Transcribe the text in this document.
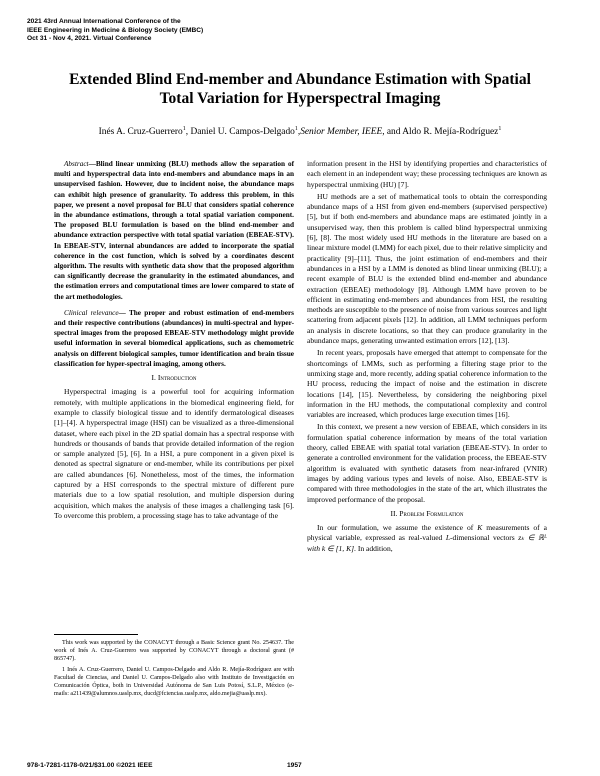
2021 43rd Annual International Conference of the
IEEE Engineering in Medicine & Biology Society (EMBC)
Oct 31 - Nov 4, 2021. Virtual Conference
Extended Blind End-member and Abundance Estimation with Spatial
Total Variation for Hyperspectral Imaging
Inés A. Cruz-Guerrero$^1$, Daniel U. Campos-Delgado$^1$,Senior Member, IEEE, and Aldo R. Mejía-Rodríguez$^1$

Abstract—Blind linear unmixing (BLU) methods allow the separation of multi and hyperspectral data into end-members and abundance maps in an unsupervised fashion. However, due to incident noise, the abundance maps can exhibit high presence of granularity. To address this problem, in this paper, we present a novel proposal for BLU that considers spatial coherence in the abundance estimations, through a total spatial variation component. The proposed BLU formulation is based on the blind end-member and abundance extraction perspective with total spatial variation (EBEAE-STV). In EBEAE-STV, internal abundances are added to incorporate the spatial coherence in the cost function, which is solved by a coordinates descent algorithm. The results with synthetic data show that the proposed algorithm can significantly decrease the granularity in the estimated abundances, and the estimation errors and computational times are lower compared to state of the art methodologies.

Clinical relevance— The proper and robust estimation of end-members and their respective contributions (abundances) in multi-spectral and hyper-spectral images from the proposed EBEAE-STV methodology might provide useful information in several biomedical applications, such as chemometric analysis on different biological samples, tumor identification and brain tissue classification for hyper-spectral imaging, among others.

I. Introduction

Hyperspectral imaging is a powerful tool for acquiring information remotely, with multiple applications in the biomedical engineering field, for example to classify biological tissue and to identify dermatological diseases [1]–[4]. A hyperspectral image (HSI) can be visualized as a three-dimensional dataset, where each pixel in the 2D spatial domain has a spectral response with hundreds or thousands of bands that provide detailed information of the region or sample analyzed [5], [6]. In a HSI, a pure component in a given pixel is denoted as spectral signature or end-member, while its contributions per pixel are called abundances [6]. Nonetheless, most of the times, the information captured by a HSI corresponds to the spectral mixture of different pure materials due to a low spatial resolution, and multiple dispersion during acquisition, which makes the analysis of these images a challenging task [6]. To overcome this problem, a processing stage has to take advantage of the

This work was supported by the CONACYT through a Basic Science grant No. 254637. The work of Inés A. Cruz-Guerrero was supported by CONACYT through a doctoral grant (# 865747).

1 Inés A. Cruz-Guerrero, Daniel U. Campos-Delgado and Aldo R. Mejía-Rodríguez are with Facultad de Ciencias, and Daniel U. Campos-Delgado also with Instituto de Investigación en Comunicación Óptica, both in Universidad Autónoma de San Luis Potosí, S.L.P., México (e-mails: a211439@alumnos.uaslp.mx, ducd@fciencias.uaslp.mx, aldo.mejia@uaslp.mx).

information present in the HSI by identifying properties and characteristics of each element in an independent way; these processing techniques are known as hyperspectral unmixing (HU) [7].

HU methods are a set of mathematical tools to obtain the corresponding abundance maps of a HSI from given end-members (supervised perspective) [5], but if both end-members and abundance maps are estimated jointly in a unsupervised way, then this problem is called blind hyperspectral unmixing [6], [8]. The most widely used HU methods in the literature are based on a linear mixture model (LMM) for each pixel, due to their relative simplicity and practicality [9]–[11]. Thus, the joint estimation of end-members and their abundances in a HSI by a LMM is denoted as blind linear unmixing (BLU); a recent example of BLU is the extended blind end-member and abundance extraction (EBEAE) methodology [8]. Although LMM have proven to be efficient in estimating end-members and abundances from HSI, the resulting methods are susceptible to the presence of noise from various sources and light scattering from adjacent pixels [12]. In addition, all LMM techniques perform an analysis in discrete locations, so that they can produce granularity in the abundance maps, generating unwanted estimation errors [12], [13].

In recent years, proposals have emerged that attempt to compensate for the shortcomings of LMMs, such as performing a filtering stage prior to the unmixing stage and, more recently, adding spatial coherence information to the HU process, reducing the impact of noise and the estimation in discrete locations [14], [15]. Nevertheless, by considering the neighboring pixel information in the HU methods, the computational complexity and control variables are increased, which produces large execution times [16].

In this context, we present a new version of EBEAE, which considers in its formulation spatial coherence information by means of the total variation theory, called EBEAE with spatial total variation (EBEAE-STV). In order to generate a controlled environment for the validation process, the EBEAE-STV algorithm is evaluated with synthetic datasets from near-infrared (VNIR) images by adding various types and levels of noise. Also, EBEAE-STV is compared with three methodologies in the state of the art, which illustrates the improved performance of the proposal.

II. Problem Formulation

In our formulation, we assume the existence of K measurements of a physical variable, expressed as real-valued L-dimensional vectors zₖ ∈ ℝᴸ with k ∈ [1, K]. In addition,

978-1-7281-1178-0/21/$31.00 ©2021 IEEE	1957
